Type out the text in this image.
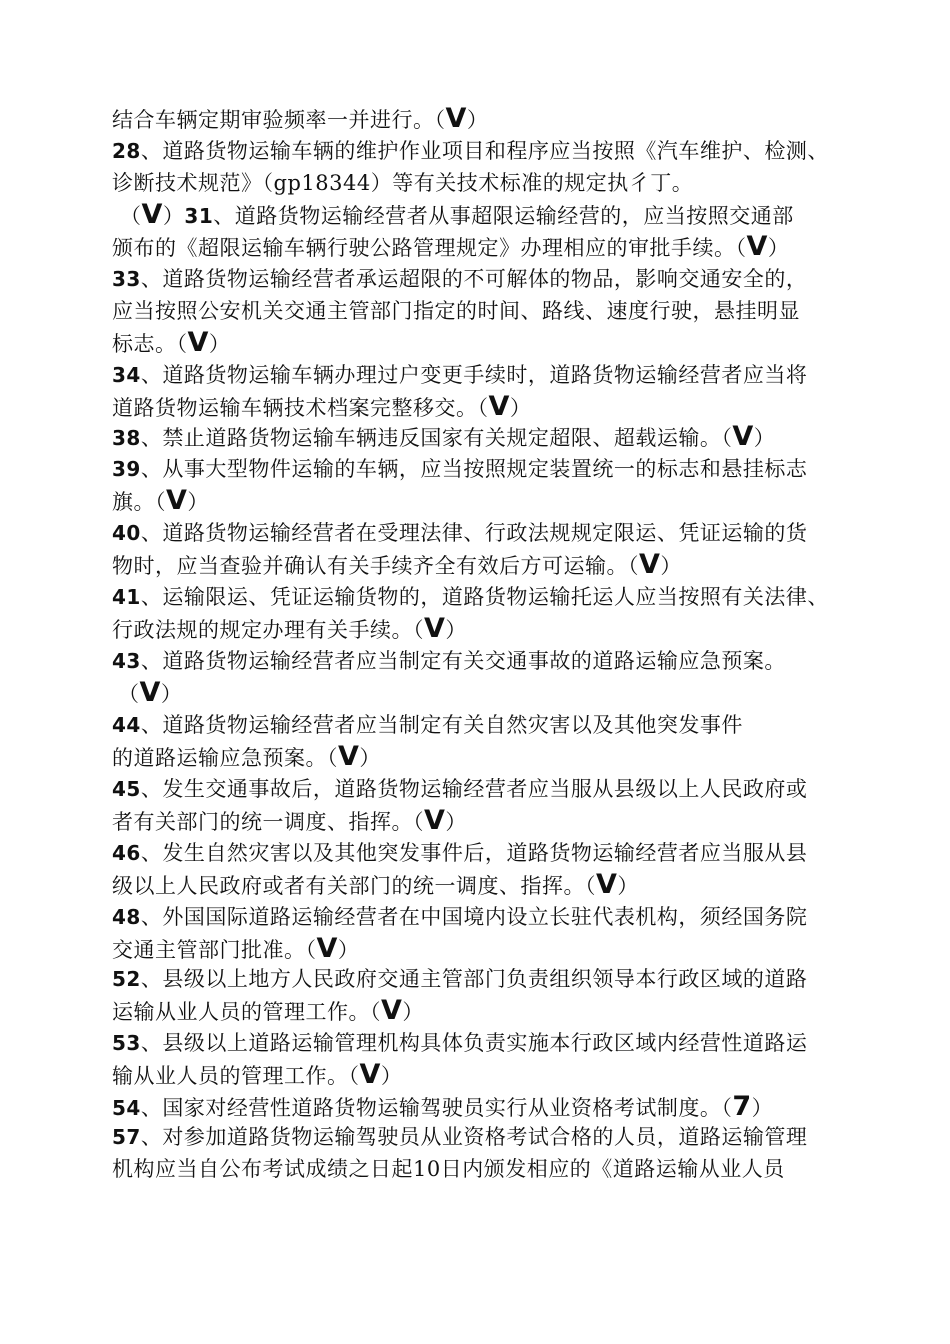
结合车辆定期审验频率一并进行。（V）
28、道路货物运输车辆的维护作业项目和程序应当按照《汽车维护、检测、
诊断技术规范》（gp18344）等有关技术标准的规定执彳丁。
（V）31、道路货物运输经营者从事超限运输经营的，应当按照交通部
颁布的《超限运输车辆行驶公路管理规定》办理相应的审批手续。（V）
33、道路货物运输经营者承运超限的不可解体的物品，影响交通安全的，
应当按照公安机关交通主管部门指定的时间、路线、速度行驶，悬挂明显
标志。（V）
34、道路货物运输车辆办理过户变更手续时，道路货物运输经营者应当将
道路货物运输车辆技术档案完整移交。（V）
38、禁止道路货物运输车辆违反国家有关规定超限、超载运输。（V）
39、从事大型物件运输的车辆，应当按照规定装置统一的标志和悬挂标志
旗。（V）
40、道路货物运输经营者在受理法律、行政法规规定限运、凭证运输的货
物时，应当查验并确认有关手续齐全有效后方可运输。（V）
41、运输限运、凭证运输货物的，道路货物运输托运人应当按照有关法律、
行政法规的规定办理有关手续。（V）
43、道路货物运输经营者应当制定有关交通事故的道路运输应急预案。
（V）
44、道路货物运输经营者应当制定有关自然灾害以及其他突发事件
的道路运输应急预案。（V）
45、发生交通事故后，道路货物运输经营者应当服从县级以上人民政府或
者有关部门的统一调度、指挥。（V）
46、发生自然灾害以及其他突发事件后，道路货物运输经营者应当服从县
级以上人民政府或者有关部门的统一调度、指挥。（V）
48、外国国际道路运输经营者在中国境内设立长驻代表机构，须经国务院
交通主管部门批准。（V）
52、县级以上地方人民政府交通主管部门负责组织领导本行政区域的道路
运输从业人员的管理工作。（V）
53、县级以上道路运输管理机构具体负责实施本行政区域内经营性道路运
输从业人员的管理工作。（V）
54、国家对经营性道路货物运输驾驶员实行从业资格考试制度。（7）
57、对参加道路货物运输驾驶员从业资格考试合格的人员，道路运输管理
机构应当自公布考试成绩之日起10日内颁发相应的《道路运输从业人员
